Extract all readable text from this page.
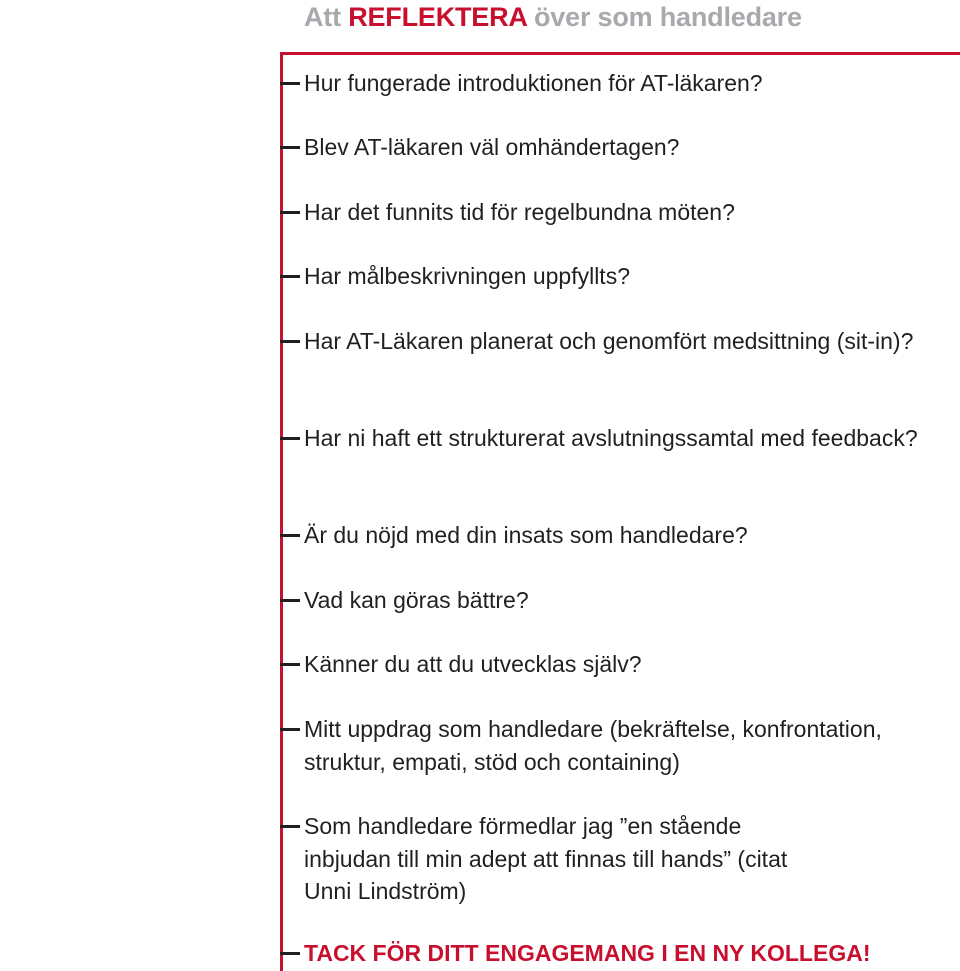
Att REFLEKTERA över som handledare
Hur fungerade introduktionen för AT-läkaren?
Blev AT-läkaren väl omhändertagen?
Har det funnits tid för regelbundna möten?
Har målbeskrivningen uppfyllts?
Har AT-Läkaren planerat och genomfört medsittning (sit-in)?
Har ni haft ett strukturerat avslutningssamtal med feedback?
Är du nöjd med din insats som handledare?
Vad kan göras bättre?
Känner du att du utvecklas själv?
Mitt uppdrag som handledare (bekräftelse, konfrontation, struktur, empati, stöd och containing)
Som handledare förmedlar jag ”en stående inbjudan till min adept att finnas till hands” (citat Unni Lindström)
TACK FÖR DITT ENGAGEMANG I EN NY KOLLEGA!
